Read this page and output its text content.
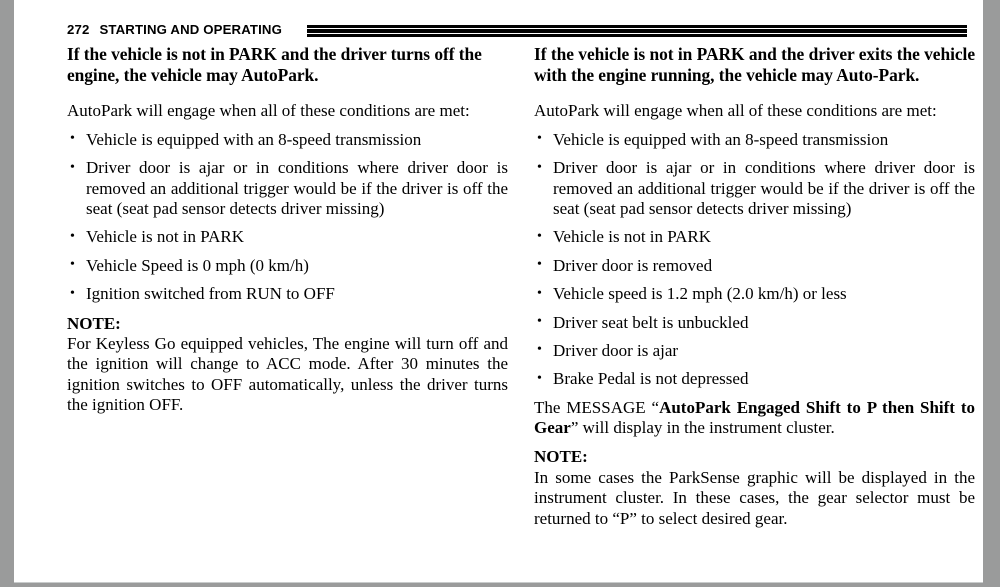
272 STARTING AND OPERATING

If the vehicle is not in PARK and the driver turns off the engine, the vehicle may AutoPark.

AutoPark will engage when all of these conditions are met:

• Vehicle is equipped with an 8-speed transmission
• Driver door is ajar or in conditions where driver door is removed an additional trigger would be if the driver is off the seat (seat pad sensor detects driver missing)
• Vehicle is not in PARK
• Vehicle Speed is 0 mph (0 km/h)
• Ignition switched from RUN to OFF

NOTE:

For Keyless Go equipped vehicles, The engine will turn off and the ignition will change to ACC mode. After 30 minutes the ignition switches to OFF automatically, unless the driver turns the ignition OFF.

If the vehicle is not in PARK and the driver exits the vehicle with the engine running, the vehicle may Auto-Park.

AutoPark will engage when all of these conditions are met:

• Vehicle is equipped with an 8-speed transmission
• Driver door is ajar or in conditions where driver door is removed an additional trigger would be if the driver is off the seat (seat pad sensor detects driver missing)
• Vehicle is not in PARK
• Driver door is removed
• Vehicle speed is 1.2 mph (2.0 km/h) or less
• Driver seat belt is unbuckled
• Driver door is ajar
• Brake Pedal is not depressed

The MESSAGE “AutoPark Engaged Shift to P then Shift to Gear” will display in the instrument cluster.

NOTE:

In some cases the ParkSense graphic will be displayed in the instrument cluster. In these cases, the gear selector must be returned to “P” to select desired gear.
